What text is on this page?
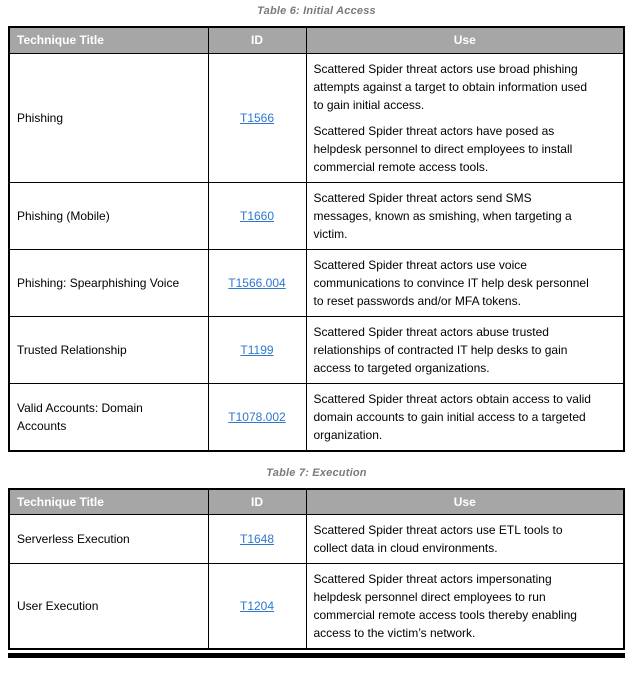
Table 6: Initial Access
Technique Title	ID	Use
Phishing	T1566	Scattered Spider threat actors use broad phishing attempts against a target to obtain information used to gain initial access.

Scattered Spider threat actors have posed as helpdesk personnel to direct employees to install commercial remote access tools.

Phishing (Mobile)	T1660	Scattered Spider threat actors send SMS messages, known as smishing, when targeting a victim.

Phishing: Spearphishing Voice	T1566.004	Scattered Spider threat actors use voice communications to convince IT help desk personnel to reset passwords and/or MFA tokens.

Trusted Relationship	T1199	Scattered Spider threat actors abuse trusted relationships of contracted IT help desks to gain access to targeted organizations.

Valid Accounts: Domain Accounts	T1078.002	Scattered Spider threat actors obtain access to valid domain accounts to gain initial access to a targeted organization.

Table 7: Execution
Technique Title	ID	Use
Serverless Execution	T1648	Scattered Spider threat actors use ETL tools to collect data in cloud environments.

User Execution	T1204	Scattered Spider threat actors impersonating helpdesk personnel direct employees to run commercial remote access tools thereby enabling access to the victim’s network.
